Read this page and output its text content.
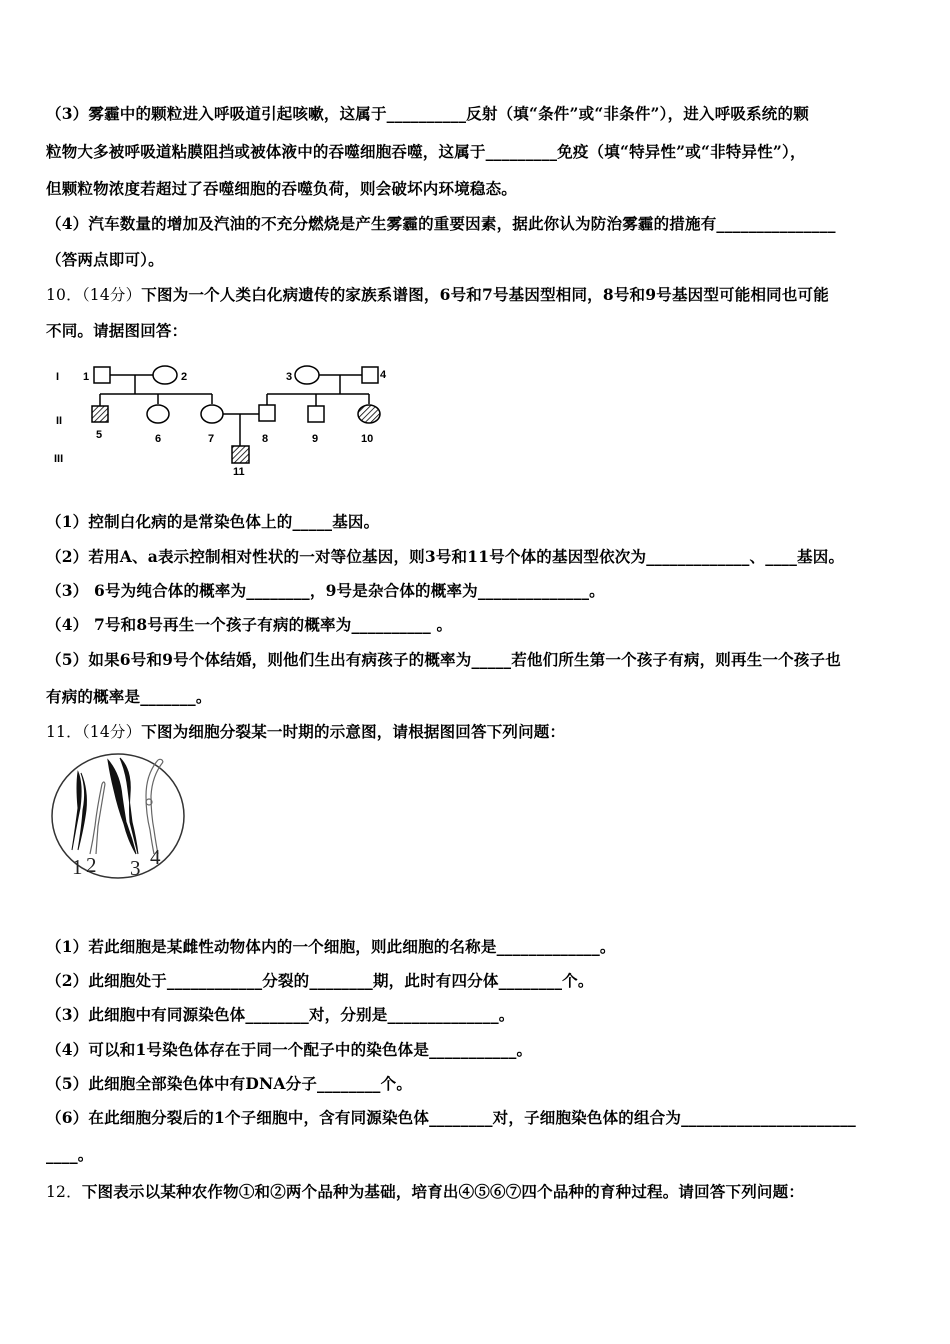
（3）雾霾中的颗粒进入呼吸道引起咳嗽，这属于__________反射（填“条件”或“非条件”），进入呼吸系统的颗
粒物大多被呼吸道粘膜阻挡或被体液中的吞噬细胞吞噬，这属于_________免疫（填“特异性”或“非特异性”），
但颗粒物浓度若超过了吞噬细胞的吞噬负荷，则会破坏内环境稳态。
（4）汽车数量的增加及汽油的不充分燃烧是产生雾霾的重要因素，据此你认为防治雾霾的措施有_______________
（答两点即可）。
10．（14分）下图为一个人类白化病遗传的家族系谱图，6号和7号基因型相同，8号和9号基因型可能相同也可能
不同。请据图回答：
I
II
III
1	2	3	4
5	6	7	8	9	10
11
（1）控制白化病的是常染色体上的_____基因。
（2）若用A、a表示控制相对性状的一对等位基因，则3号和11号个体的基因型依次为_____________、____基因。
（3） 6号为纯合体的概率为________，9号是杂合体的概率为______________。
（4） 7号和8号再生一个孩子有病的概率为__________ 。
（5）如果6号和9号个体结婚，则他们生出有病孩子的概率为_____若他们所生第一个孩子有病，则再生一个孩子也
有病的概率是_______。
11．（14分）下图为细胞分裂某一时期的示意图，请根据图回答下列问题：
1 2 3 4
（1）若此细胞是某雌性动物体内的一个细胞，则此细胞的名称是_____________。
（2）此细胞处于____________分裂的________期，此时有四分体________个。
（3）此细胞中有同源染色体________对，分别是______________。
（4）可以和1号染色体存在于同一个配子中的染色体是___________。
（5）此细胞全部染色体中有DNA分子________个。
（6）在此细胞分裂后的1个子细胞中，含有同源染色体________对，子细胞染色体的组合为______________________
____。
12．下图表示以某种农作物①和②两个品种为基础，培育出④⑤⑥⑦四个品种的育种过程。请回答下列问题：
